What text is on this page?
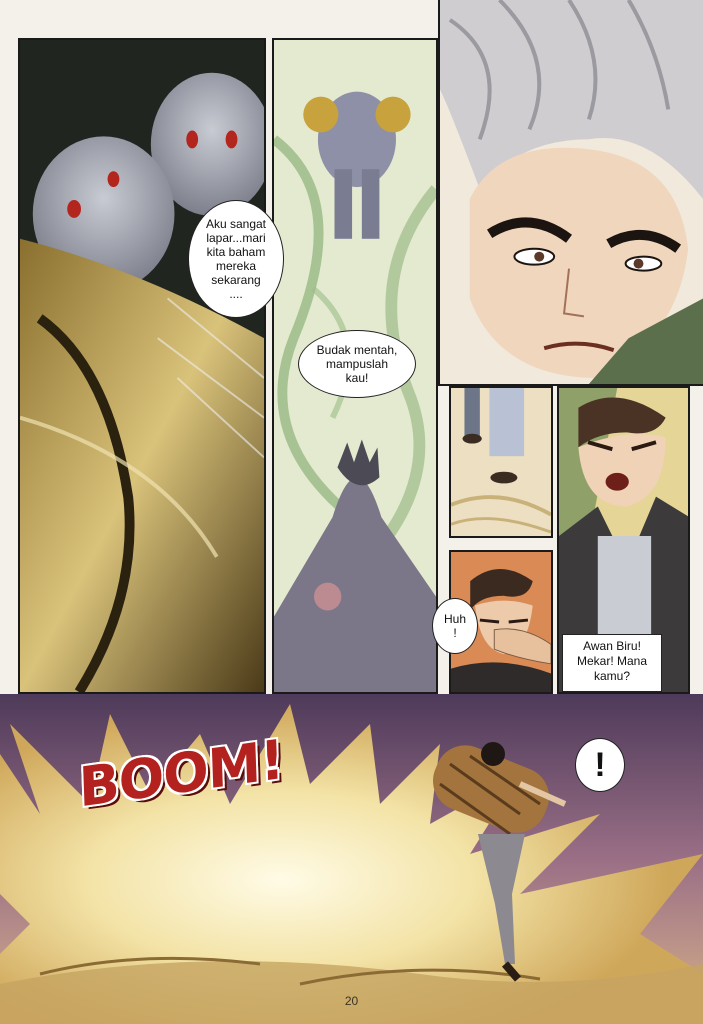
Aku sangat
lapar...mari
kita baham
mereka
sekarang
....
Budak mentah,
mampuslah
kau!
Huh
!
Awan Biru!
Mekar! Mana
kamu?
!
BOOM!
20
